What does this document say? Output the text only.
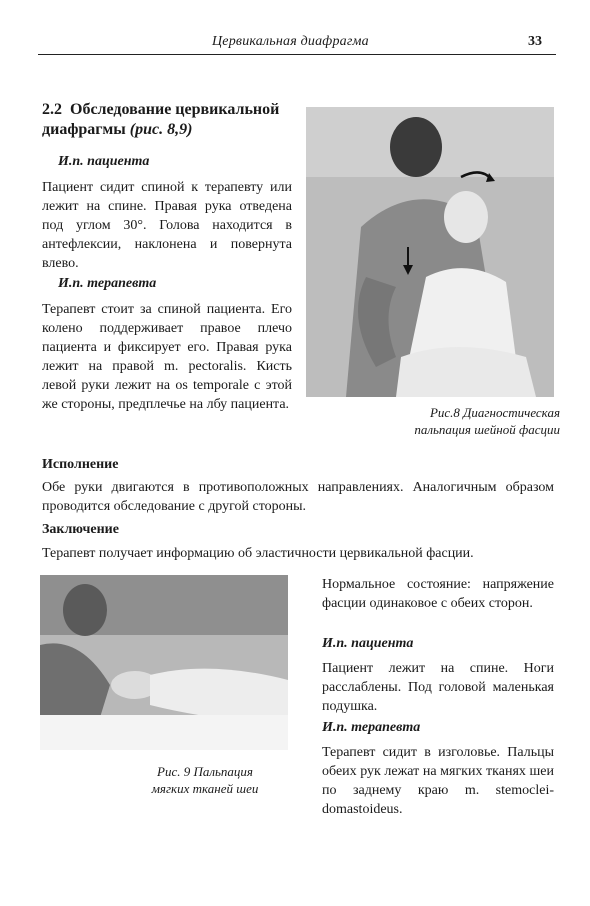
Цервикальная диафрагма	33
2.2 Обследование цервикальной диафрагмы (рис. 8,9)
И.п. пациента
Пациент сидит спиной к терапевту или лежит на спине. Правая рука отведена под углом 30°. Голова находится в антефлексии, наклонена и повернута влево.
И.п. терапевта
Терапевт стоит за спиной пациента. Его колено поддерживает правое плечо пациента и фиксирует его. Правая рука лежит на правой m. pectoralis. Кисть левой руки лежит на os temporale с этой же стороны, предплечье на лбу пациента.
Рис.8 Диагностическая
пальпация шейной фасции
Исполнение
Обе руки двигаются в противоположных направлениях. Аналогичным образом проводится обследование с другой стороны.
Заключение
Терапевт получает информацию об эластичности цервикальной фасции.
Рис. 9 Пальпация
мягких тканей шеи
Нормальное состояние: напряжение фасции одинаковое с обеих сторон.
И.п. пациента
Пациент лежит на спине. Ноги расслаблены. Под головой маленькая подушка.
И.п. терапевта
Терапевт сидит в изголовье. Пальцы обеих рук лежат на мягких тканях шеи по заднему краю m. stemoclei-domastoideus.
